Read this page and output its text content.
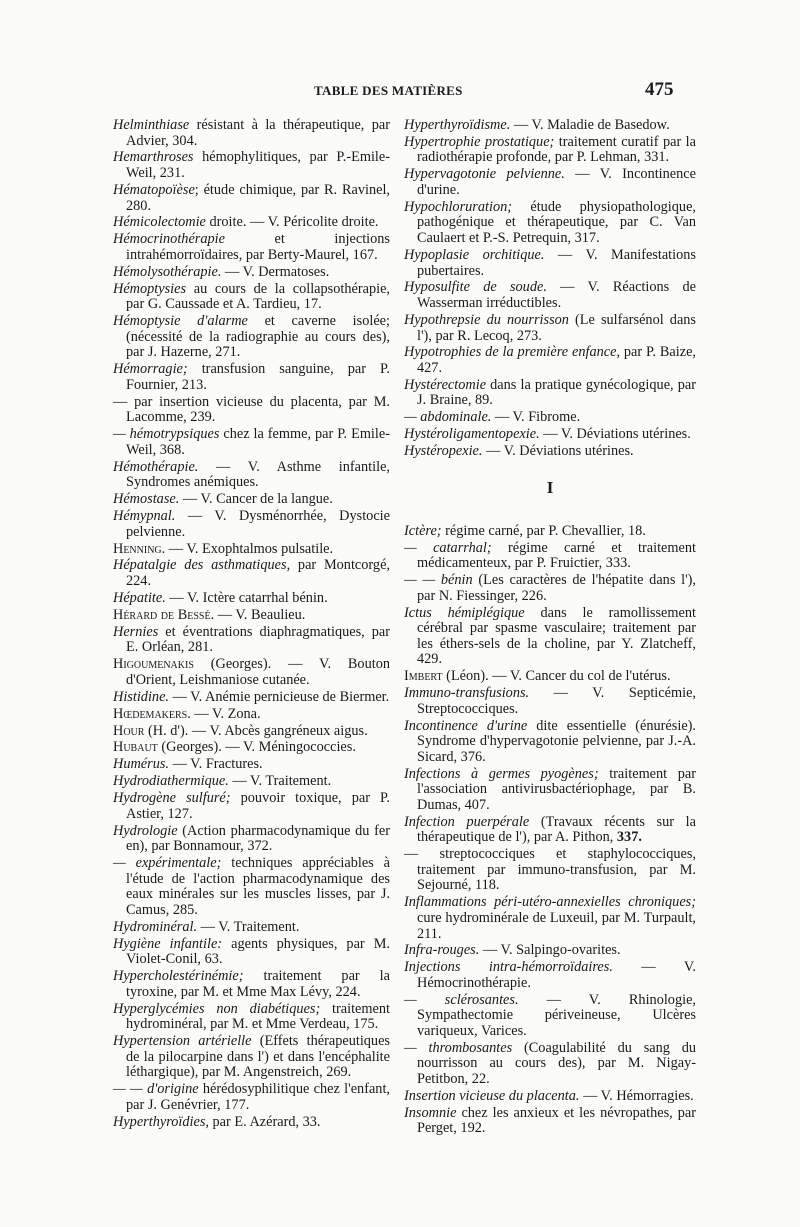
TABLE DES MATIÈRES	475

Helminthiase résistant à la thérapeutique, par Advier, 304.

Hemarthroses hémophylitiques, par P.-Emile-Weil, 231.

Hématopoïèse; étude chimique, par R. Ravinel, 280.

Hémicolectomie droite. — V. Péricolite droite.

Hémocrinothérapie et injections intrahémorroïdaires, par Berty-Maurel, 167.

Hémolysothérapie. — V. Dermatoses.

Hémoptysies au cours de la collapsothérapie, par G. Caussade et A. Tardieu, 17.

Hémoptysie d'alarme et caverne isolée; (nécessité de la radiographie au cours des), par J. Hazerne, 271.

Hémorragie; transfusion sanguine, par P. Fournier, 213.

— par insertion vicieuse du placenta, par M. Lacomme, 239.

— hémotrypsiques chez la femme, par P. Emile-Weil, 368.

Hémothérapie. — V. Asthme infantile, Syndromes anémiques.

Hémostase. — V. Cancer de la langue.

Hémypnal. — V. Dysménorrhée, Dystocie pelvienne.

Henning. — V. Exophtalmos pulsatile.

Hépatalgie des asthmatiques, par Montcorgé, 224.

Hépatite. — V. Ictère catarrhal bénin.

Hérard de Bessé. — V. Beaulieu.

Hernies et éventrations diaphragmatiques, par E. Orléan, 281.

Higoumenakis (Georges). — V. Bouton d'Orient, Leishmaniose cutanée.

Histidine. — V. Anémie pernicieuse de Biermer.

Hœdemakers. — V. Zona.

Hour (H. d'). — V. Abcès gangréneux aigus.

Hubaut (Georges). — V. Méningococcies.

Humérus. — V. Fractures.

Hydrodiathermique. — V. Traitement.

Hydrogène sulfuré; pouvoir toxique, par P. Astier, 127.

Hydrologie (Action pharmacodynamique du fer en), par Bonnamour, 372.

— expérimentale; techniques appréciables à l'étude de l'action pharmacodynamique des eaux minérales sur les muscles lisses, par J. Camus, 285.

Hydrominéral. — V. Traitement.

Hygiène infantile: agents physiques, par M. Violet-Conil, 63.

Hypercholestérinémie; traitement par la tyroxine, par M. et Mme Max Lévy, 224.

Hyperglycémies non diabétiques; traitement hydrominéral, par M. et Mme Verdeau, 175.

Hypertension artérielle (Effets thérapeutiques de la pilocarpine dans l') et dans l'encéphalite léthargique), par M. Angenstreich, 269.

— — d'origine hérédosyphilitique chez l'enfant, par J. Genévrier, 177.

Hyperthyroïdies, par E. Azérard, 33.

Hyperthyroïdisme. — V. Maladie de Basedow.

Hypertrophie prostatique; traitement curatif par la radiothérapie profonde, par P. Lehman, 331.

Hypervagotonie pelvienne. — V. Incontinence d'urine.

Hypochloruration; étude physiopathologique, pathogénique et thérapeutique, par C. Van Caulaert et P.-S. Petrequin, 317.

Hypoplasie orchitique. — V. Manifestations pubertaires.

Hyposulfite de soude. — V. Réactions de Wasserman irréductibles.

Hypothrepsie du nourrisson (Le sulfarsénol dans l'), par R. Lecoq, 273.

Hypotrophies de la première enfance, par P. Baize, 427.

Hystérectomie dans la pratique gynécologique, par J. Braine, 89.

— abdominale. — V. Fibrome.

Hystéroligamentopexie. — V. Déviations utérines.

Hystéropexie. — V. Déviations utérines.

I

Ictère; régime carné, par P. Chevallier, 18.

— catarrhal; régime carné et traitement médicamenteux, par P. Fruictier, 333.

— — bénin (Les caractères de l'hépatite dans l'), par N. Fiessinger, 226.

Ictus hémiplégique dans le ramollissement cérébral par spasme vasculaire; traitement par les éthers-sels de la choline, par Y. Zlatcheff, 429.

Imbert (Léon). — V. Cancer du col de l'utérus.

Immuno-transfusions. — V. Septicémie, Streptococciques.

Incontinence d'urine dite essentielle (énurésie). Syndrome d'hypervagotonie pelvienne, par J.-A. Sicard, 376.

Infections à germes pyogènes; traitement par l'association antivirusbactériophage, par B. Dumas, 407.

Infection puerpérale (Travaux récents sur la thérapeutique de l'), par A. Pithon, 337.

— streptococciques et staphylococciques, traitement par immuno-transfusion, par M. Sejourné, 118.

Inflammations péri-utéro-annexielles chroniques; cure hydrominérale de Luxeuil, par M. Turpault, 211.

Infra-rouges. — V. Salpingo-ovarites.

Injections intra-hémorroïdaires. — V. Hémocrinothérapie.

— sclérosantes. — V. Rhinologie, Sympathectomie périveineuse, Ulcères variqueux, Varices.

— thrombosantes (Coagulabilité du sang du nourrisson au cours des), par M. Nigay-Petitbon, 22.

Insertion vicieuse du placenta. — V. Hémorragies.

Insomnie chez les anxieux et les névropathes, par Perget, 192.
